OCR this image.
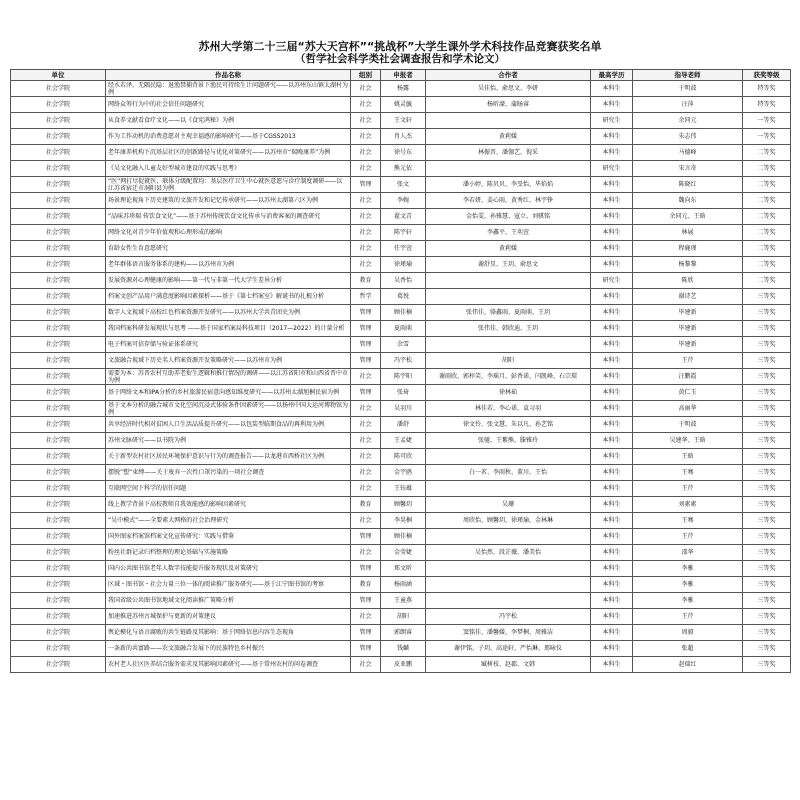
苏州大学第二十三届“苏大天宫杯”“挑战杯”大学生课外学术科技作品竞赛获奖名单

（哲学社会科学类社会调查报告和学术论文）

单位	作品名称	组别	申报者	合作者	最高学历	指导老师	获奖等级
社会学院	经水若泽，无隅民隐：退渔禁捕背景下渔民可持续生计问题研究——以苏州东山镇太湖村为例	社会	杨露	吴佳怡、俞思文、李妍	本科生	于明波	特等奖
社会学院	网络众筹行为中的社会信任问题研究	社会	姚灵毓	杨昕濛、蒲旸睿	本科生	汪萍	特等奖
社会学院	从食养文献看食疗文化——以《食宪鸿秘》为例	社会	王文轩		研究生	余同元	一等奖
社会学院	作为工作动机的消费意愿对主观幸福感的影响研究——基于CGSS2013	社会	肖人杰	黄莉媛	本科生	朱志伟	一等奖
社会学院	老年康养机构下沉基层社区的创新路径与优化对策研究——以苏州市“瑞晚康养”为例	社会	徐号东	林振晋、潘伽艺、倪采	本科生	马德峰	二等奖
社会学院	《吴文化融入儿童友好型城市建设的实践与思考》	社会	熊元依		研究生	宋言奇	二等奖
社会学院	“医”网打尽促就医，联体分级配置均：基层医疗卫生中心就医意愿与诊疗制度调研——以江苏省宿迁市洞阳县为例	管理	张文	潘小婷、陈贝贝、李旻怡、毕焰焰	本科生	陈晓红	二等奖
社会学院	场景理论视角下历史建筑的文旅开发和记忆传承研究——以苏州太湖第六区为例	社会	李婉	李若妍、姜心雨、黄秀红、林宇铮	本科生	魏向东	二等奖
社会学院	“品味苏珍瑞 传饮食文化”——基于苏州传统饮食文化传承与消费客案的调查研究	社会	翟文青	金怡雯、孙雅慧、寇立、刘骐铭	本科生	余同元、王晗	二等奖
社会学院	网络文化对青少年价值观和心理形成的影响	社会	陈宇轩	李鑫平、王奕萱	本科生	林展	二等奖
社会学院	育龄女性生育意愿研究	社会	任宇萱	黄莉媛	本科生	程鹿瑾	二等奖
社会学院	老年群体语言服务体系的建构——以苏州市为例	社会	徐瑾瑜	谢舒星、王玥、俞思文	本科生	杨黎黎	二等奖
社会学院	发展资源对心理健康的影响——第一代与非第一代大学生差异分析	教育	吴香怡		研究生	陈欣	二等奖
社会学院	档案文创产品用户满意度影响因素探析——基于《第七档案室》解谜书的扎根分析	哲学	葛悦		本科生	谢诗艺	三等奖
社会学院	数字人文视域下高校红色档案资源开发研究——以苏州大学共青团史为例	管理	顾佳楠	张伟佳、骆鑫雨、夏雨萌、王玥	本科生	毕建新	三等奖
社会学院	我国档案科研发展现状与思考 ——基于国家档案局科技项目（2017—2022）的计量分析	管理	夏雨萌	张伟佳、韩欣迪、王玥	本科生	毕建新	三等奖
社会学院	电子档案可信存储与验证体系研究	管理	余雪		本科生	毕建新	三等奖
社会学院	文旅融合视域下历史名人档案资源开发策略研究——以苏州市为例	管理	冯宇松	胡阳	本科生	王芹	三等奖
社会学院	需要为本：苏晋农村互助养老衔生逻辑和推行情况的调研——以江苏省阳市和山西省晋中市为例	社会	陈宇阳	谢雨欣、郭梓笑、李瑶月、彭香诺、闫凯峰、石宗璟	本科生	汪鹏霞	三等奖
社会学院	基于网络文本和IPA分析的乡村旅游民宿意向感知维度研究——以苏州太湖旭桐民宿为例	管理	张琦	徐林茹	本科生	黄仁玉	三等奖
社会学院	基于文本分析的融合城市文化空间沉浸式体验条件因素研究——以扬州中国大运河博物馆为例	社会	吴羽川	林佳若、李心诺、袁习羽	本科生	高丽华	三等奖
社会学院	共享经济时代相对贫困人口生活品质提升研究——以包装型临期食品的再利用为例	社会	潘舒	徐文伶、张文慧、朱以凡、孙艺铭	本科生	于明波	三等奖
社会学院	苏州文脉研究——以书院为例	社会	王孟婕	张驰、王紫熊、滕雅玲	本科生	吴建华、王晗	三等奖
社会学院	关于新型农村社区居民环境保护意识与行为的调查报告——以龙港市西桥社区为例	社会	陈可欣		本科生	王晗	三等奖
社会学院	摆脱”塑“束缚——关于废弃一次性口罩污染的一项社会调查	社会	金宇鸥	白一茗、李雨秋、董川、王怡	本科生	王骞	三等奖
社会学院	互联网空间下科学的信任问题	社会	王钰蕴		本科生	王芹	三等奖
社会学院	线上教学背景下高校教师自我效能感的影响因素研究	教育	顾馨玥	吴珊	本科生	刘素素	三等奖
社会学院	“吴中模式”——全要素大网格的社会治理研究	社会	李昊桐	周欣怡、顾馨玥、徐瑾瑜、金林琳	本科生	王骞	三等奖
社会学院	国外图家档案馆档案文化宣传研究：实践与借鉴	管理	顾佳楠		本科生	王芹	三等奖
社会学院	粉丝社群记录归档整理的理论基础与实施策略	社会	金莹婕	吴怡然、段芷薇、潘美怡	本科生	邵华	三等奖
社会学院	国内公共图书馆老年人数字技能提升服务现状及对策研究	管理	郑文昕		本科生	李雅	三等奖
社会学院	区域・图书馆・社会力量三位一体的阅读推广服务研究——基于江宁图书馆的考察	教育	杨雨涵		本科生	李雅	三等奖
社会学院	我国省级公共图书馆地域文化阅读推广策略分析	管理	王童燕		本科生	李雅	三等奖
社会学院	加速推进苏州古城保护与更新的对策建议	社会	胡阳	冯宇松	本科生	王芹	三等奖
社会学院	舆论模化与语言腐败的共生链路及其影响：基于网络信息内容生态视角	管理	郭朗睿	窦铭佳、潘馨媛、李梦桐、周雅洁	本科生	周毅	三等奖
社会学院	一条新的共富路——农文旅融合发展下的民族特色乡村振兴	管理	钱麟	谢伊铭、子玥、高途轩、严怡琳、邢咏仪	本科生	张超	三等奖
社会学院	农村老人社区医养结合服务需求及其影响因素研究——基于常州农村的问卷调查	社会	皮亚鹏	臧树枝、赵郡、文韩	本科生	赵瑞红	三等奖
